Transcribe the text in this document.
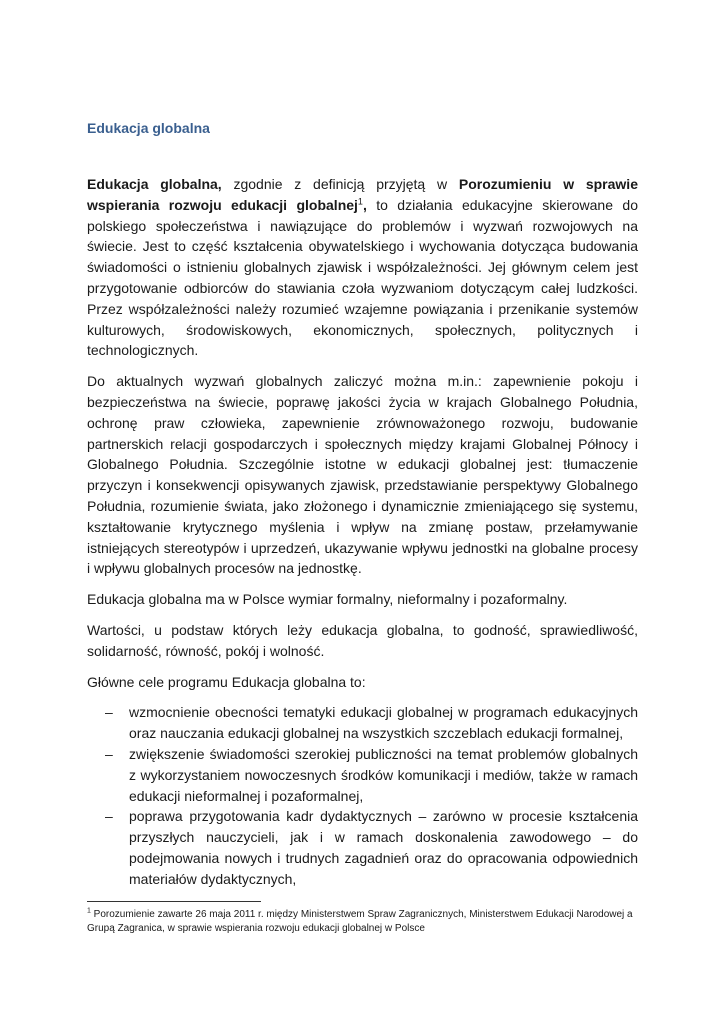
Edukacja globalna

Edukacja globalna, zgodnie z definicją przyjętą w Porozumieniu w sprawie wspierania rozwoju edukacji globalnej$^1$, to działania edukacyjne skierowane do polskiego społeczeństwa i nawiązujące do problemów i wyzwań rozwojowych na świecie. Jest to część kształcenia obywatelskiego i wychowania dotycząca budowania świadomości o istnieniu globalnych zjawisk i współzależności. Jej głównym celem jest przygotowanie odbiorców do stawiania czoła wyzwaniom dotyczącym całej ludzkości. Przez współzależności należy rozumieć wzajemne powiązania i przenikanie systemów kulturowych, środowiskowych, ekonomicznych, społecznych, politycznych i technologicznych.

Do aktualnych wyzwań globalnych zaliczyć można m.in.: zapewnienie pokoju i bezpieczeństwa na świecie, poprawę jakości życia w krajach Globalnego Południa, ochronę praw człowieka, zapewnienie zrównoważonego rozwoju, budowanie partnerskich relacji gospodarczych i społecznych między krajami Globalnej Północy i Globalnego Południa. Szczególnie istotne w edukacji globalnej jest: tłumaczenie przyczyn i konsekwencji opisywanych zjawisk, przedstawianie perspektywy Globalnego Południa, rozumienie świata, jako złożonego i dynamicznie zmieniającego się systemu, kształtowanie krytycznego myślenia i wpływ na zmianę postaw, przełamywanie istniejących stereotypów i uprzedzeń, ukazywanie wpływu jednostki na globalne procesy i wpływu globalnych procesów na jednostkę.

Edukacja globalna ma w Polsce wymiar formalny, nieformalny i pozaformalny.

Wartości, u podstaw których leży edukacja globalna, to godność, sprawiedliwość, solidarność, równość, pokój i wolność.

Główne cele programu Edukacja globalna to:

– wzmocnienie obecności tematyki edukacji globalnej w programach edukacyjnych oraz nauczania edukacji globalnej na wszystkich szczeblach edukacji formalnej,
– zwiększenie świadomości szerokiej publiczności na temat problemów globalnych z wykorzystaniem nowoczesnych środków komunikacji i mediów, także w ramach edukacji nieformalnej i pozaformalnej,
– poprawa przygotowania kadr dydaktycznych – zarówno w procesie kształcenia przyszłych nauczycieli, jak i w ramach doskonalenia zawodowego – do podejmowania nowych i trudnych zagadnień oraz do opracowania odpowiednich materiałów dydaktycznych,
$^1$ Porozumienie zawarte 26 maja 2011 r. między Ministerstwem Spraw Zagranicznych, Ministerstwem Edukacji Narodowej a Grupą Zagranica, w sprawie wspierania rozwoju edukacji globalnej w Polsce
